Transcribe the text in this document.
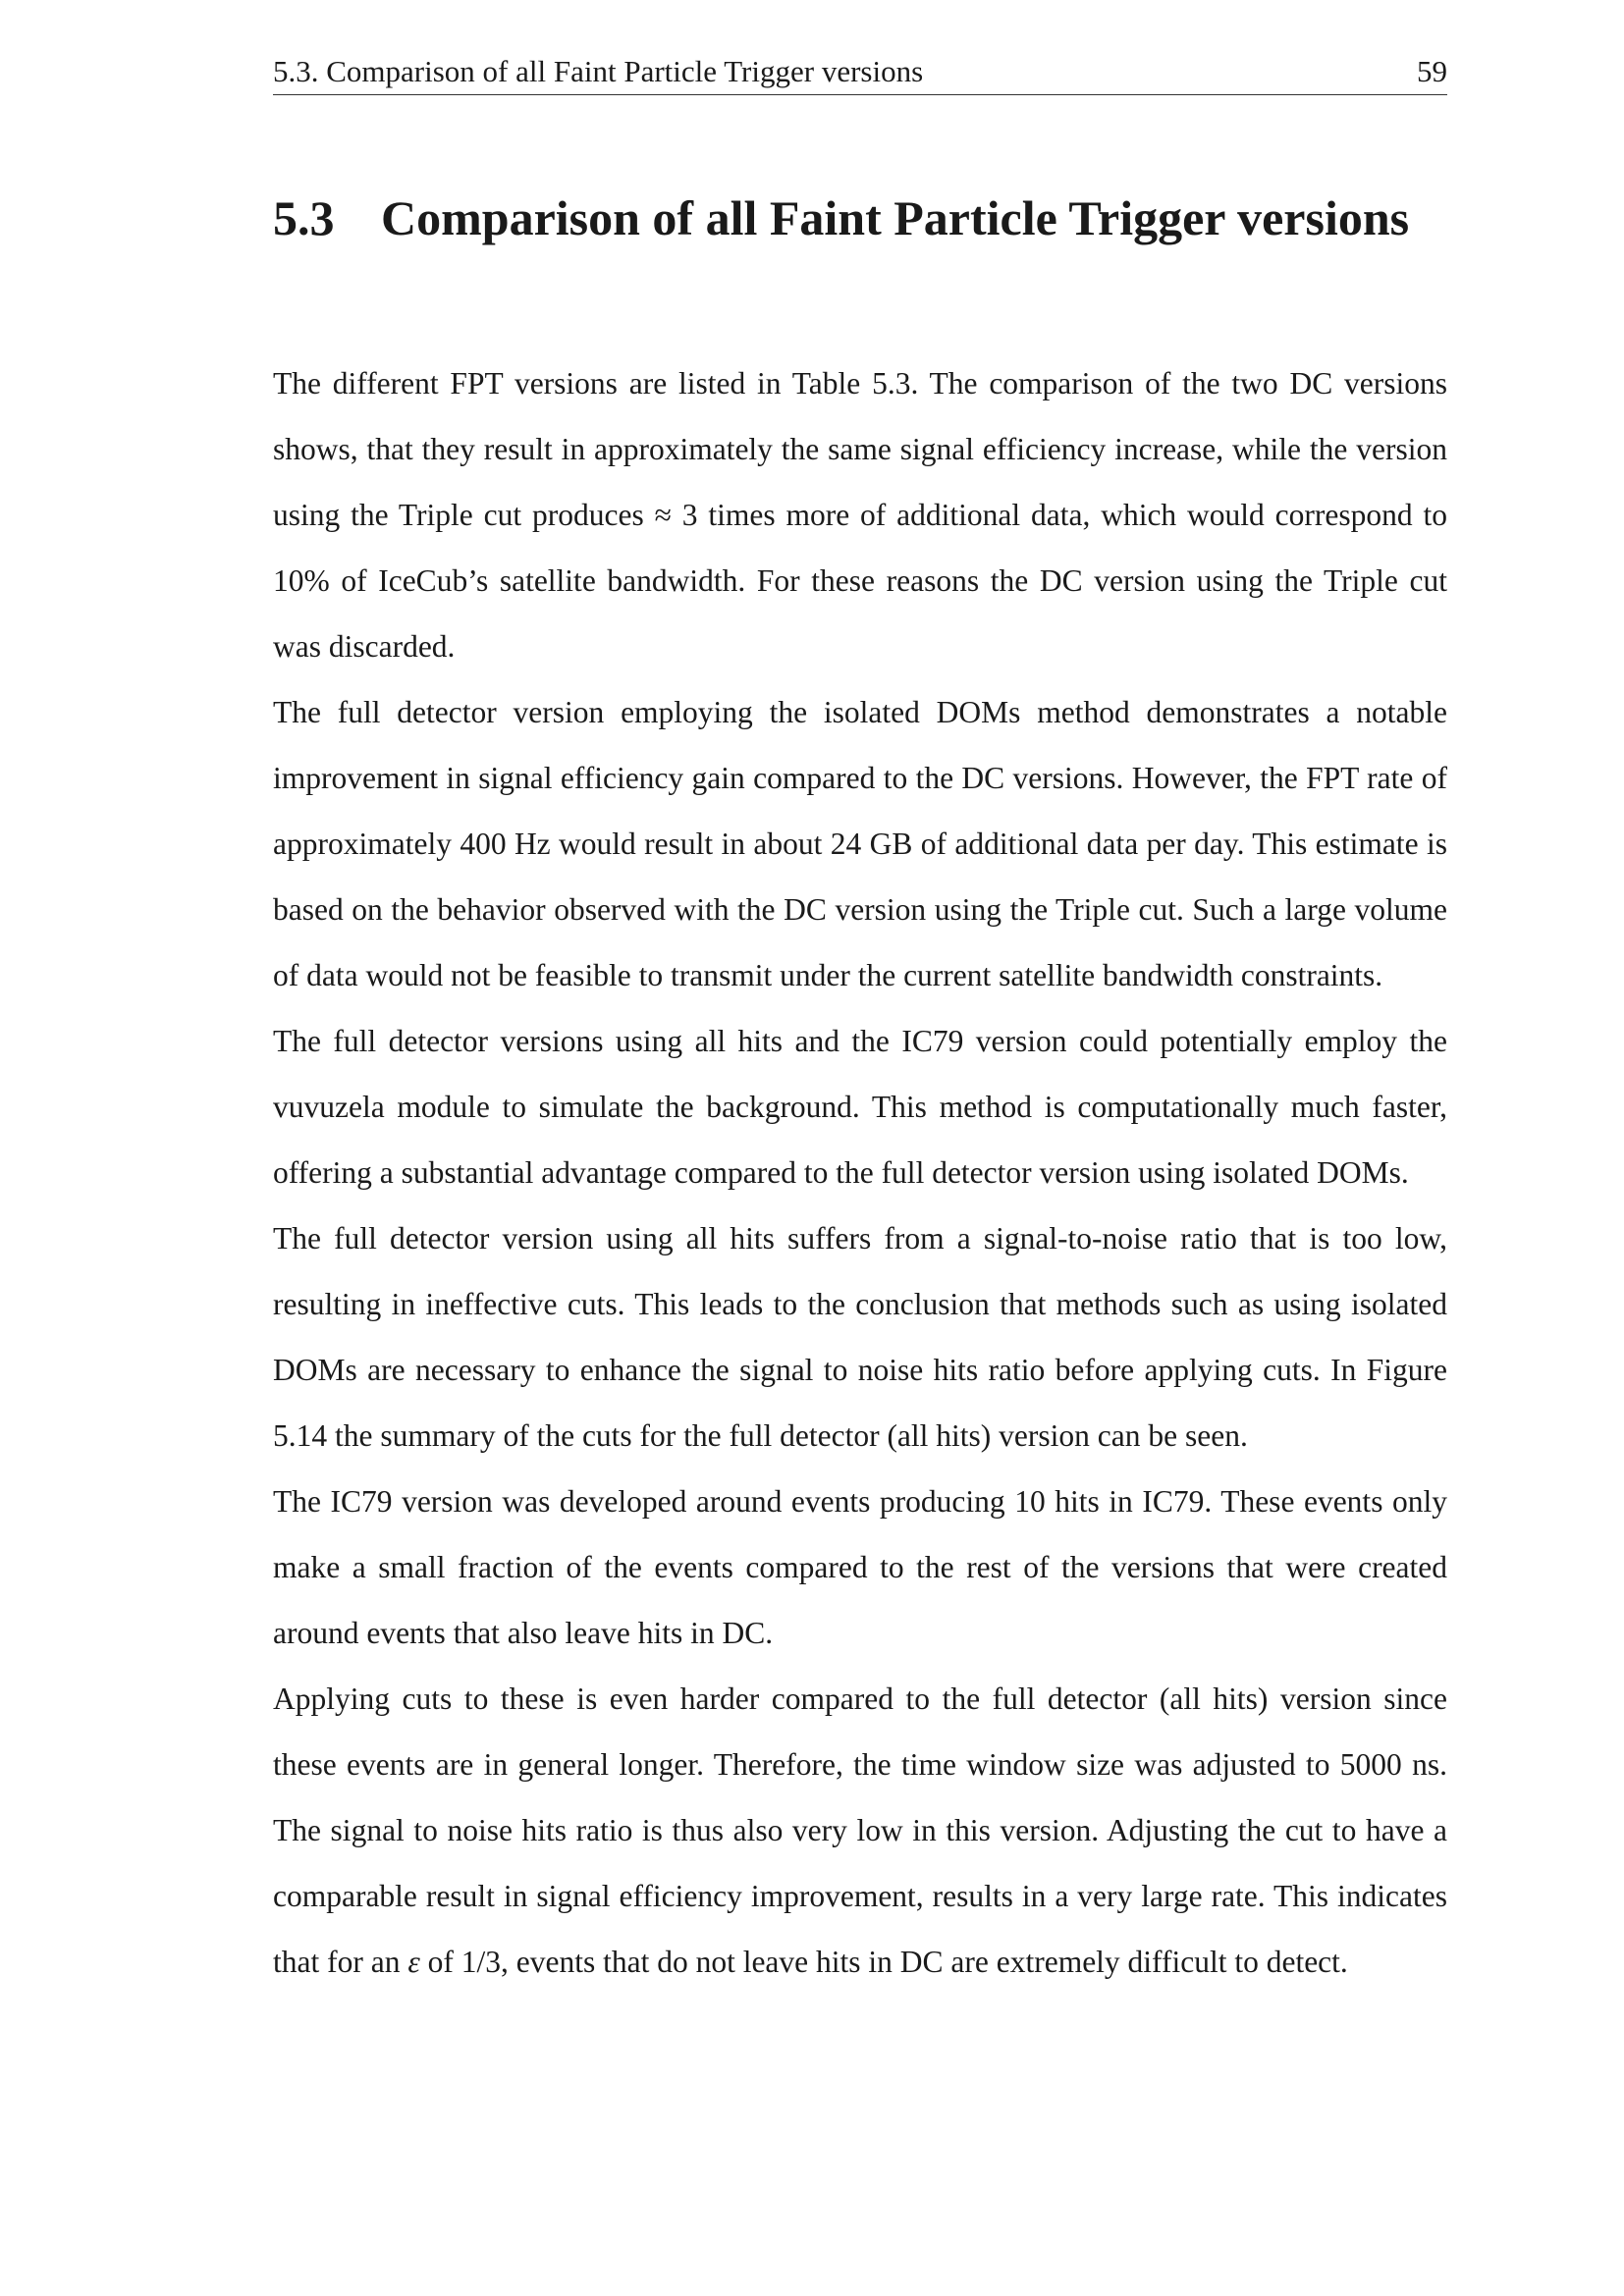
5.3. Comparison of all Faint Particle Trigger versions	59
5.3 Comparison of all Faint Particle Trigger versions

The different FPT versions are listed in Table 5.3. The comparison of the two DC versions shows, that they result in approximately the same signal efficiency increase, while the version using the Triple cut produces ≈ 3 times more of additional data, which would correspond to 10% of IceCub’s satellite bandwidth. For these reasons the DC version using the Triple cut was discarded.

The full detector version employing the isolated DOMs method demonstrates a notable improvement in signal efficiency gain compared to the DC versions. However, the FPT rate of approximately 400 Hz would result in about 24 GB of additional data per day. This estimate is based on the behavior observed with the DC version using the Triple cut. Such a large volume of data would not be feasible to transmit under the current satellite bandwidth constraints.

The full detector versions using all hits and the IC79 version could potentially employ the vuvuzela module to simulate the background. This method is computationally much faster, offering a substantial advantage compared to the full detector version using isolated DOMs.

The full detector version using all hits suffers from a signal-to-noise ratio that is too low, resulting in ineffective cuts. This leads to the conclusion that methods such as using isolated DOMs are necessary to enhance the signal to noise hits ratio before applying cuts. In Figure 5.14 the summary of the cuts for the full detector (all hits) version can be seen.

The IC79 version was developed around events producing 10 hits in IC79. These events only make a small fraction of the events compared to the rest of the versions that were created around events that also leave hits in DC.

Applying cuts to these is even harder compared to the full detector (all hits) version since these events are in general longer. Therefore, the time window size was adjusted to 5000 ns. The signal to noise hits ratio is thus also very low in this version. Adjusting the cut to have a comparable result in signal efficiency improvement, results in a very large rate. This indicates that for an ε of 1/3, events that do not leave hits in DC are extremely difficult to detect.
